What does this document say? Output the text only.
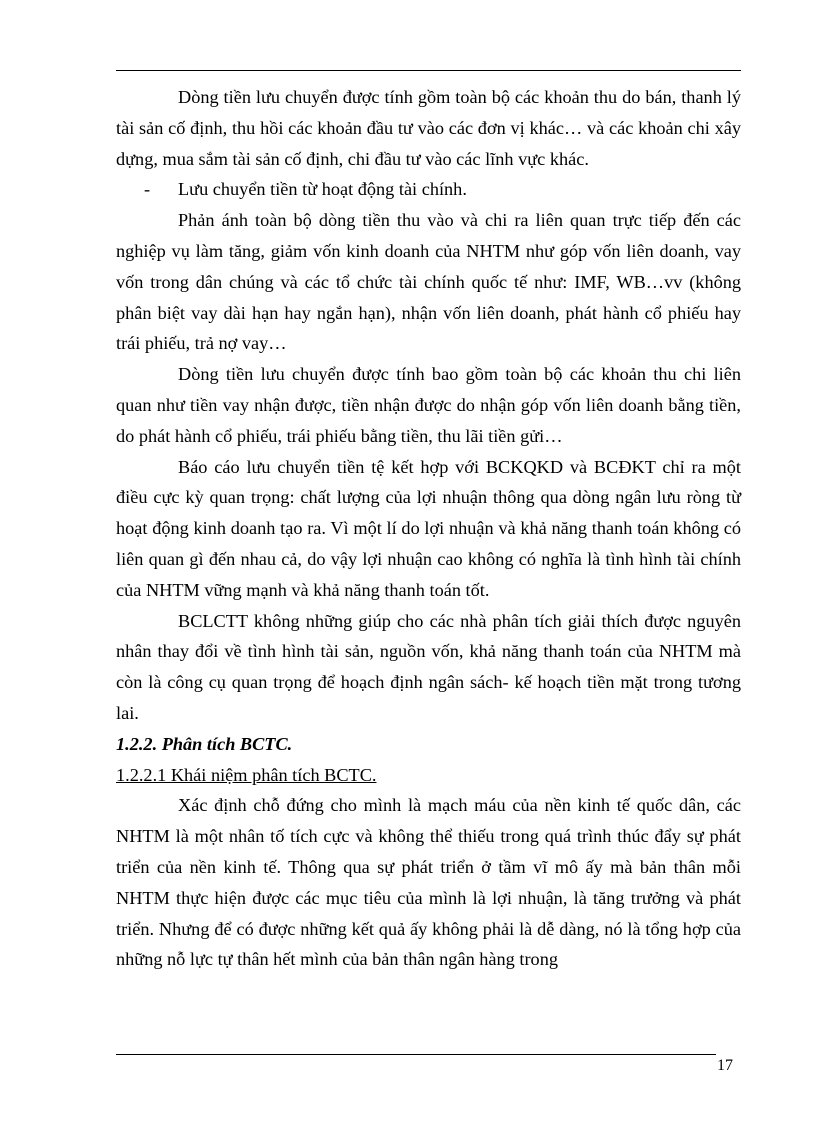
Dòng tiền lưu chuyển được tính gồm toàn bộ các khoản thu do bán, thanh lý tài sản cố định, thu hồi các khoản đầu tư vào các đơn vị khác… và các khoản chi xây dựng, mua sắm tài sản cố định, chi đầu tư vào các lĩnh vực khác.

-	Lưu chuyển tiền từ hoạt động tài chính.

Phản ánh toàn bộ dòng tiền thu vào và chi ra liên quan trực tiếp đến các nghiệp vụ làm tăng, giảm vốn kinh doanh của NHTM như góp vốn liên doanh, vay vốn trong dân chúng và các tổ chức tài chính quốc tế như: IMF, WB…vv (không phân biệt vay dài hạn hay ngắn hạn), nhận vốn liên doanh, phát hành cổ phiếu hay trái phiếu, trả nợ vay…

Dòng tiền lưu chuyển được tính bao gồm toàn bộ các khoản thu chi liên quan như tiền vay nhận được, tiền nhận được do nhận góp vốn liên doanh bằng tiền, do phát hành cổ phiếu, trái phiếu bằng tiền, thu lãi tiền gửi…

Báo cáo lưu chuyển tiền tệ kết hợp với BCKQKD và BCĐKT chỉ ra một điều cực kỳ quan trọng: chất lượng của lợi nhuận thông qua dòng ngân lưu ròng từ hoạt động kinh doanh tạo ra. Vì một lí do lợi nhuận và khả năng thanh toán không có liên quan gì đến nhau cả, do vậy lợi nhuận cao không có nghĩa là tình hình tài chính của NHTM vững mạnh và khả năng thanh toán tốt.

BCLCTT không những giúp cho các nhà phân tích giải thích được nguyên nhân thay đổi về tình hình tài sản, nguồn vốn, khả năng thanh toán của NHTM mà còn là công cụ quan trọng để hoạch định ngân sách- kế hoạch tiền mặt trong tương lai.

1.2.2. Phân tích BCTC.

1.2.2.1 Khái niệm phân tích BCTC.

Xác định chỗ đứng cho mình là mạch máu của nền kinh tế quốc dân, các NHTM là một nhân tố tích cực và không thể thiếu trong quá trình thúc đẩy sự phát triển của nền kinh tế. Thông qua sự phát triển ở tầm vĩ mô ấy mà bản thân mỗi NHTM thực hiện được các mục tiêu của mình là lợi nhuận, là tăng trưởng và phát triển. Nhưng để có được những kết quả ấy không phải là dễ dàng, nó là tổng hợp của những nỗ lực tự thân hết mình của bản thân ngân hàng trong

17
